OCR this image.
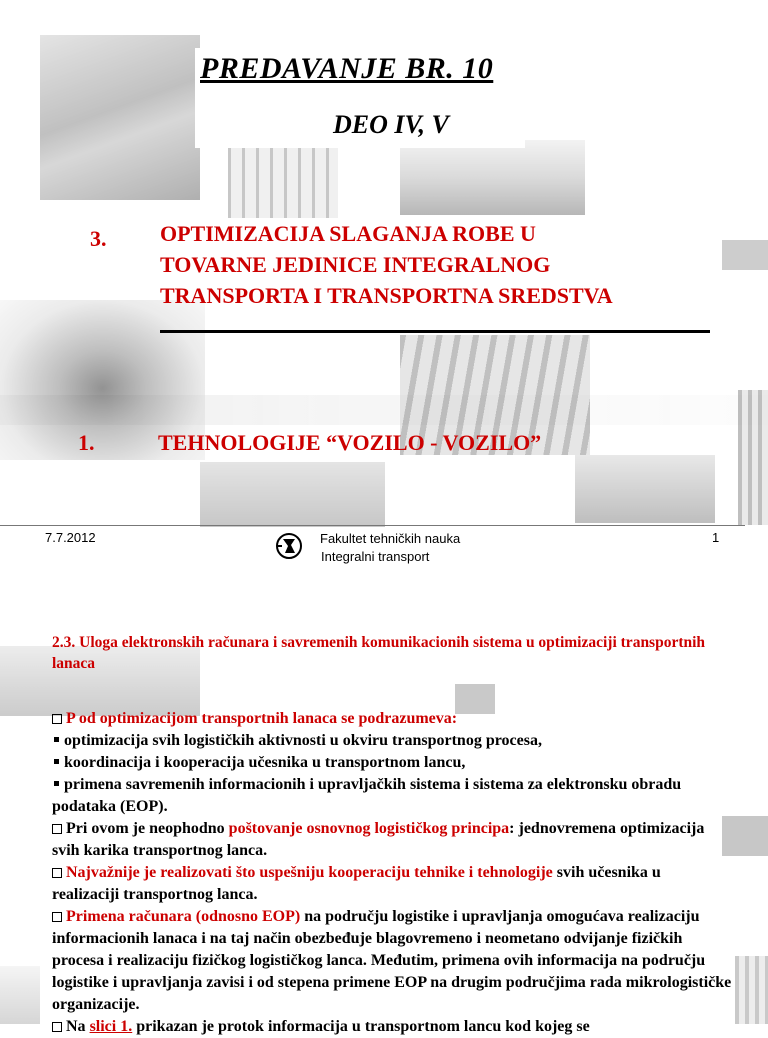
PREDAVANJE BR. 10
DEO IV, V
3. OPTIMIZACIJA SLAGANJA ROBE U
TOVARNE JEDINICE INTEGRALNOG
TRANSPORTA I TRANSPORTNA SREDSTVA
1.	TEHNOLOGIJE “VOZILO - VOZILO”
7.7.2012	Fakultet tehničkih nauka
Integralni transport
1
2.3. Uloga elektronskih računara i savremenih komunikacionih sistema u optimizaciji transportnih lanaca

P od optimizacijom transportnih lanaca se podrazumeva:

optimizacija svih logističkih aktivnosti u okviru transportnog procesa,

koordinacija i kooperacija učesnika u transportnom lancu,

primena savremenih informacionih i upravljačkih sistema i sistema za elektronsku obradu podataka (EOP).

Pri ovom je neophodno poštovanje osnovnog logističkog principa: jednovremena optimizacija svih karika transportnog lanca.

Najvažnije je realizovati što uspešniju kooperaciju tehnike i tehnologije svih učesnika u realizaciji transportnog lanca.

Primena računara (odnosno EOP) na području logistike i upravljanja omogućava realizaciju informacionih lanaca i na taj način obezbeđuje blagovremeno i neometano odvijanje fizičkih procesa i realizaciju fizičkog logističkog lanca. Međutim, primena ovih informacija na području logistike i upravljanja zavisi i od stepena primene EOP na drugim područjima rada mikrologističke organizacije.

Na slici 1. prikazan je protok informacija u transportnom lancu kod kojeg se
